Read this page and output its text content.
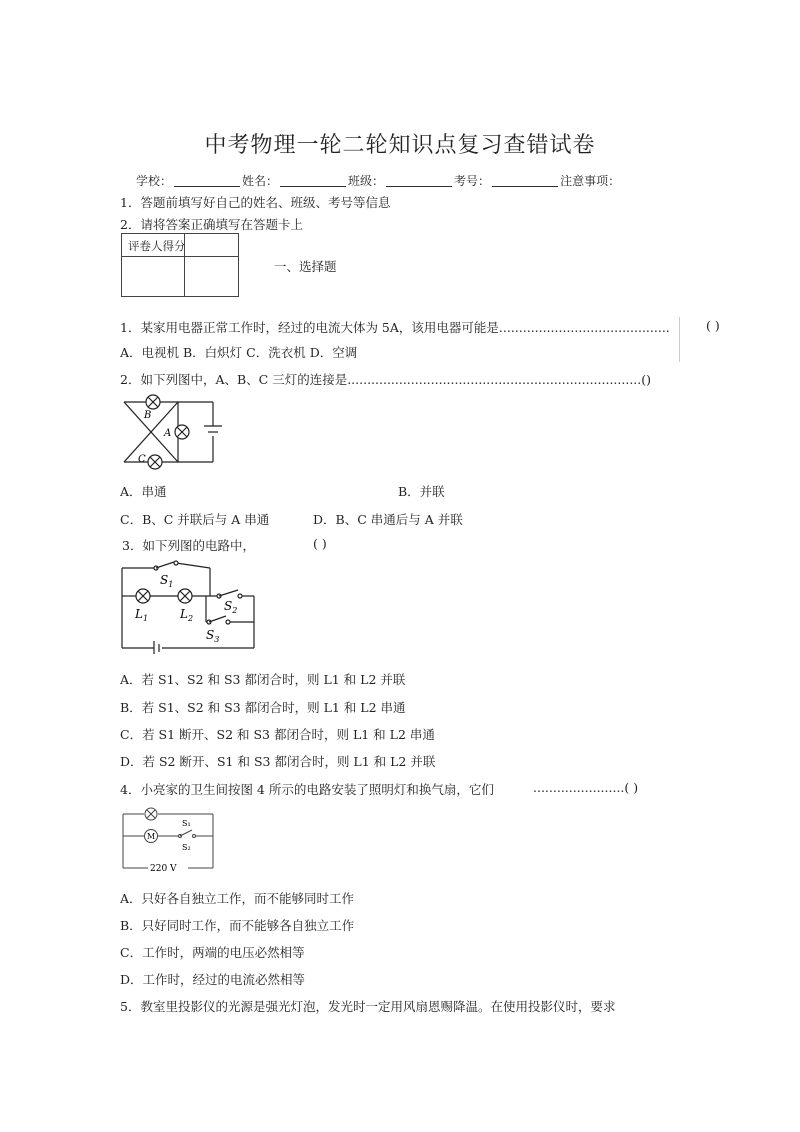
中考物理一轮二轮知识点复习查错试卷
学校：	姓名：	班级：	考号：	注意事项：
1．答题前填写好自己的姓名、班级、考号等信息
2．请将答案正确填写在答题卡上
评卷人得分
一、选择题
1．某家用电器正常工作时，经过的电流大体为 5A，该用电器可能是...........................................	( )
A．电视机 B．白炽灯 C．洗衣机 D．空调
2．如下列图中，A、B、C 三灯的连接是..........................................................................()
B
A
C
A．串通	B．并联
C．B、C 并联后与 A 串通	D．B、C 串通后与 A 并联
3．如下列图的电路中，	( )
$S_1$
$S_2$
$S_3$
$L_1$	$L_2$
A．若 S1、S2 和 S3 都闭合时，则 L1 和 L2 并联
B．若 S1、S2 和 S3 都闭合时，则 L1 和 L2 串通
C．若 S1 断开、S2 和 S3 都闭合时，则 L1 和 L2 串通
D．若 S2 断开、S1 和 S3 都闭合时，则 L1 和 L2 并联
4．小亮家的卫生间按图 4 所示的电路安装了照明灯和换气扇，它们	.......................( )
M
S₁
S₂
220 V
A．只好各自独立工作，而不能够同时工作
B．只好同时工作，而不能够各自独立工作
C．工作时，两端的电压必然相等
D．工作时，经过的电流必然相等
5．教室里投影仪的光源是强光灯泡，发光时一定用风扇恩赐降温。在使用投影仪时，要求
